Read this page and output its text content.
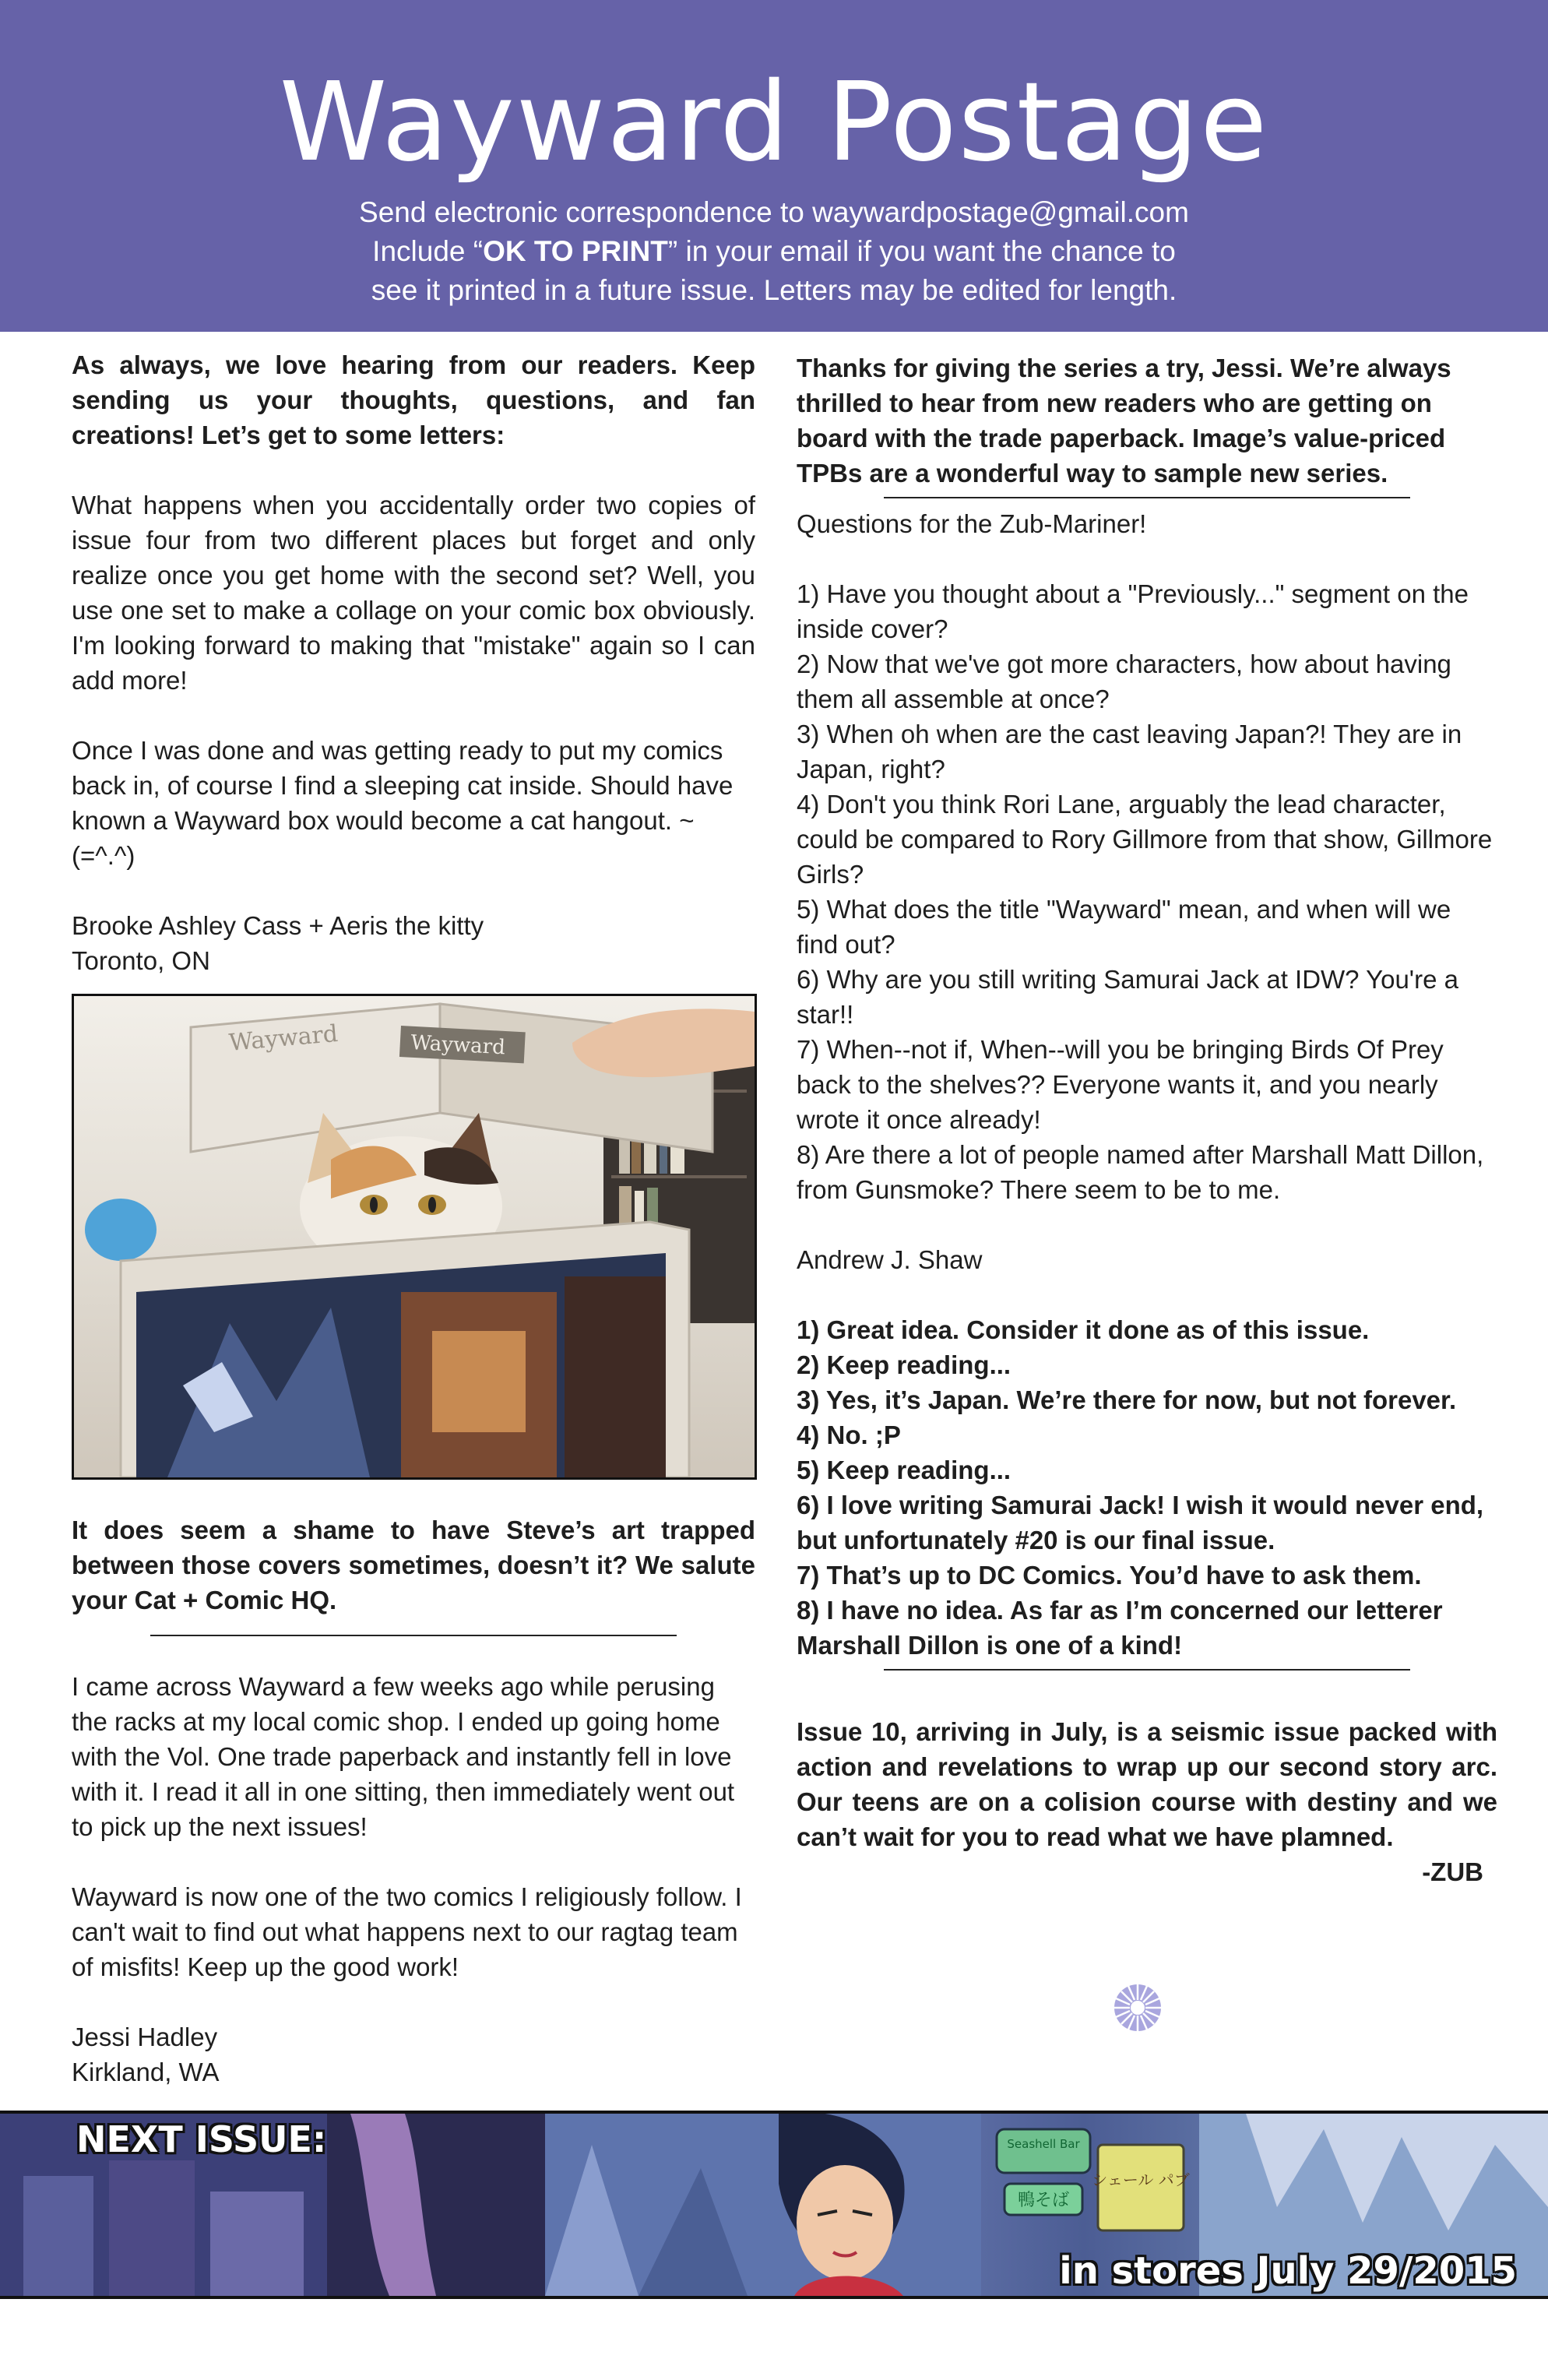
Wayward Postage
Send electronic correspondence to waywardpostage@gmail.com
Include “OK TO PRINT” in your email if you want the chance to
see it printed in a future issue. Letters may be edited for length.

As always, we love hearing from our readers. Keep sending us your thoughts, questions, and fan creations! Let’s get to some letters:

What happens when you accidentally order two copies of issue four from two different places but forget and only realize once you get home with the second set? Well, you use one set to make a collage on your comic box obviously. I'm looking forward to making that "mistake" again so I can add more!

Once I was done and was getting ready to put my comics back in, of course I find a sleeping cat inside. Should have known a Wayward box would become a cat hangout. ~(=^.^)

Brooke Ashley Cass + Aeris the kitty

Toronto, ON

Wayward	Wayward

It does seem a shame to have Steve’s art trapped between those covers sometimes, doesn’t it? We salute your Cat + Comic HQ.

I came across Wayward a few weeks ago while perusing the racks at my local comic shop. I ended up going home with the Vol. One trade paperback and instantly fell in love with it. I read it all in one sitting, then immediately went out to pick up the next issues!

Wayward is now one of the two comics I religiously follow. I can't wait to find out what happens next to our ragtag team of misfits! Keep up the good work!

Jessi Hadley

Kirkland, WA

Thanks for giving the series a try, Jessi. We’re always thrilled to hear from new readers who are getting on board with the trade paperback. Image’s value-priced TPBs are a wonderful way to sample new series.

Questions for the Zub-Mariner!

1) Have you thought about a "Previously..." segment on the inside cover?
2) Now that we've got more characters, how about having them all assemble at once?
3) When oh when are the cast leaving Japan?! They are in Japan, right?
4) Don't you think Rori Lane, arguably the lead character, could be compared to Rory Gillmore from that show, Gillmore Girls?
5) What does the title "Wayward" mean, and when will we find out?
6) Why are you still writing Samurai Jack at IDW? You're a star!!
7) When--not if, When--will you be bringing Birds Of Prey back to the shelves?? Everyone wants it, and you nearly wrote it once already!
8) Are there a lot of people named after Marshall Matt Dillon, from Gunsmoke? There seem to be to me.

Andrew J. Shaw

1) Great idea. Consider it done as of this issue.
2) Keep reading...
3) Yes, it’s Japan. We’re there for now, but not forever.
4) No. ;P
5) Keep reading...
6) I love writing Samurai Jack! I wish it would never end, but unfortunately #20 is our final issue.
7) That’s up to DC Comics. You’d have to ask them.
8) I have no idea. As far as I’m concerned our letterer Marshall Dillon is one of a kind!

Issue 10, arriving in July, is a seismic issue packed with action and revelations to wrap up our second story arc. Our teens are on a colision course with destiny and we can’t wait for you to read what we have plamned.

-ZUB
Seashell Bar
鴨そば
シェール パブ
NEXT ISSUE:
in stores July 29/2015
